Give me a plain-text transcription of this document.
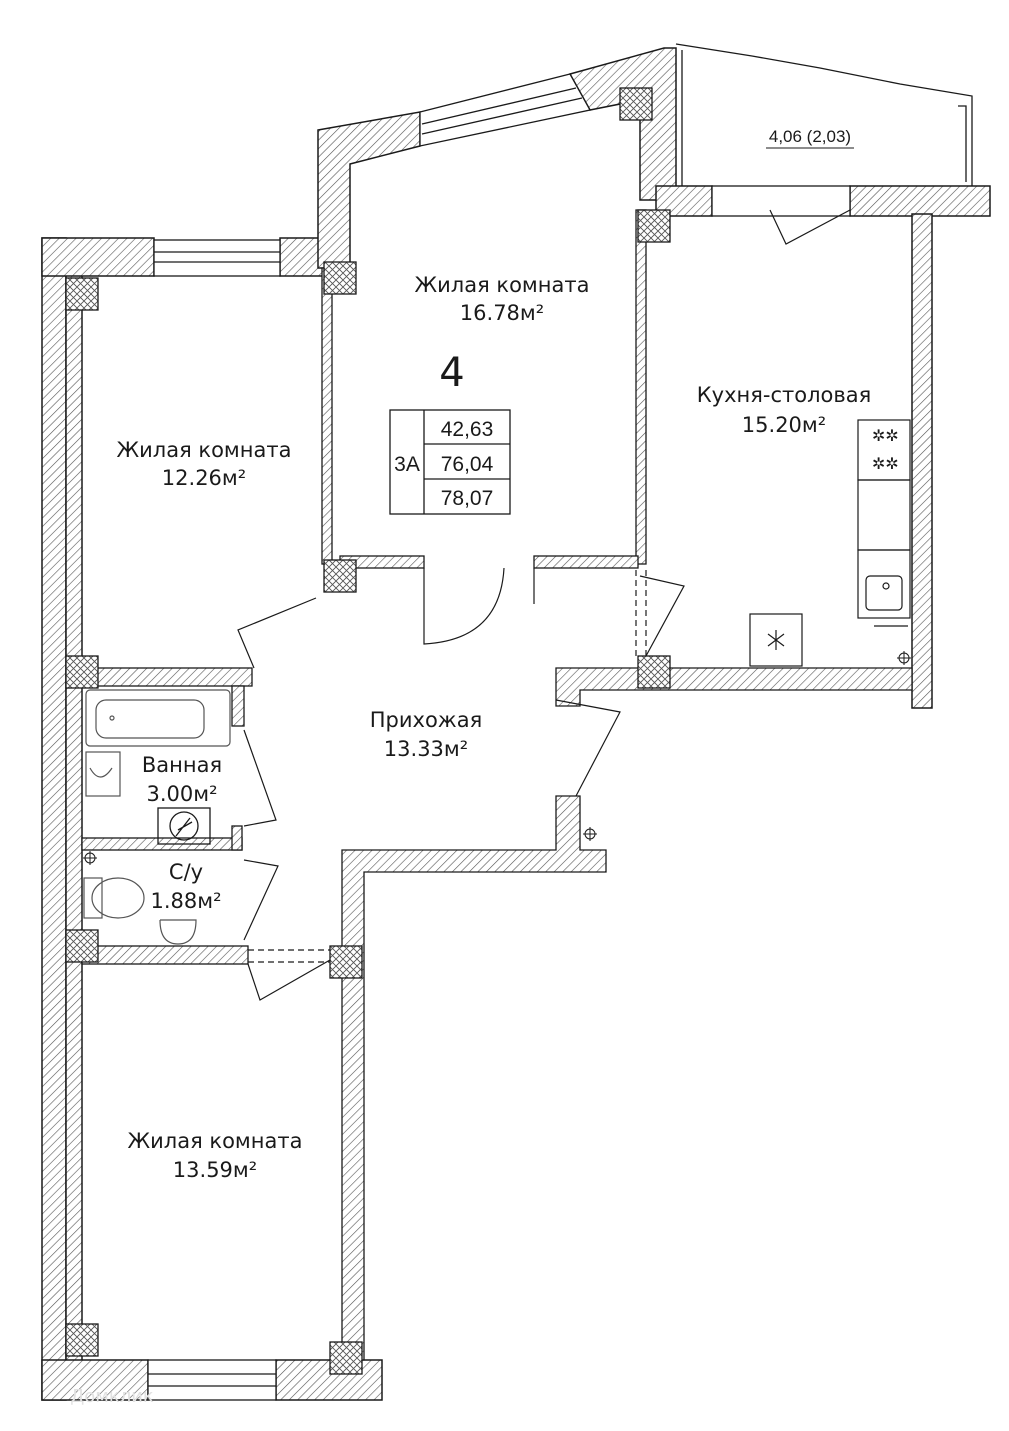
✲✲
✲✲
4
3А
42,63
76,04
78,07
Жилая комната
12.26м²
Жилая комната
16.78м²
Кухня-столовая
15.20м²
Прихожая
13.33м²
Ванная
3.00м²
С/у
1.88м²
Жилая комната
13.59м²
4,06 (2,03)
Домклик
